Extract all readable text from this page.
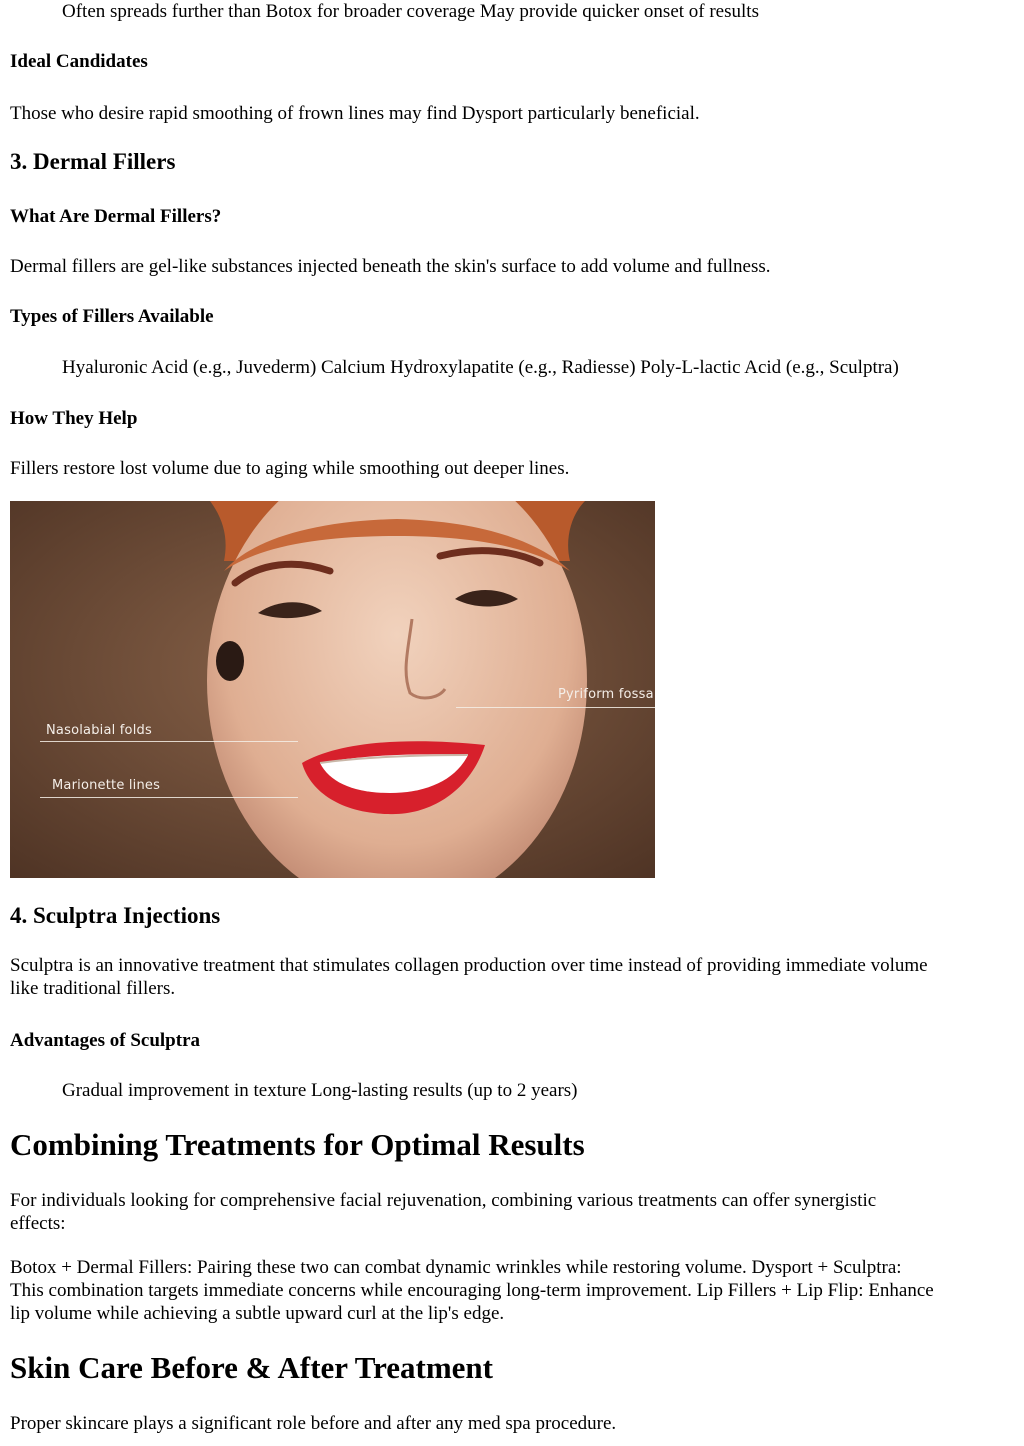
Often spreads further than Botox for broader coverage May provide quicker onset of results

Ideal Candidates

Those who desire rapid smoothing of frown lines may find Dysport particularly beneficial.

3. Dermal Fillers
What Are Dermal Fillers?

Dermal fillers are gel-like substances injected beneath the skin's surface to add volume and fullness.

Types of Fillers Available

Hyaluronic Acid (e.g., Juvederm) Calcium Hydroxylapatite (e.g., Radiesse) Poly-L-lactic Acid (e.g., Sculptra)

How They Help

Fillers restore lost volume due to aging while smoothing out deeper lines.

Pyriform fossa
Nasolabial folds
Marionette lines
4. Sculptra Injections

Sculptra is an innovative treatment that stimulates collagen production over time instead of providing immediate volume

like traditional fillers.

Advantages of Sculptra

Gradual improvement in texture Long-lasting results (up to 2 years)

Combining Treatments for Optimal Results

For individuals looking for comprehensive facial rejuvenation, combining various treatments can offer synergistic

effects:

Botox + Dermal Fillers: Pairing these two can combat dynamic wrinkles while restoring volume. Dysport + Sculptra:

This combination targets immediate concerns while encouraging long-term improvement. Lip Fillers + Lip Flip: Enhance

lip volume while achieving a subtle upward curl at the lip's edge.

Skin Care Before & After Treatment

Proper skincare plays a significant role before and after any med spa procedure.
